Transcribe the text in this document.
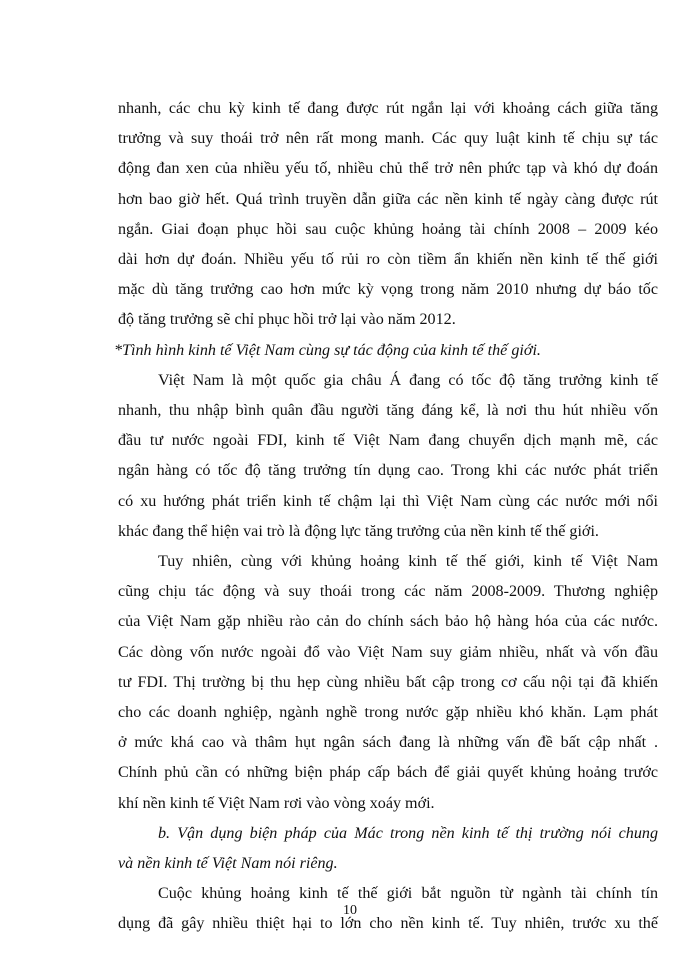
nhanh, các chu kỳ kinh tế đang được rút ngắn lại với khoảng cách giữa tăng
trưởng và suy thoái trở nên rất mong manh. Các quy luật kinh tế chịu sự tác
động đan xen của nhiều yếu tố, nhiều chủ thể trở nên phức tạp và khó dự đoán
hơn bao giờ hết. Quá trình truyền dẫn giữa các nền kinh tế ngày càng được rút
ngắn. Giai đoạn phục hồi sau cuộc khủng hoảng tài chính 2008 – 2009 kéo
dài hơn dự đoán. Nhiều yếu tố rủi ro còn tiềm ẩn khiến nền kinh tế thế giới
mặc dù tăng trưởng cao hơn mức kỳ vọng trong năm 2010 nhưng dự báo tốc
độ tăng trưởng sẽ chỉ phục hồi trở lại vào năm 2012.
*Tình hình kinh tế Việt Nam cùng sự tác động của kinh tế thế giới.
Việt Nam là một quốc gia châu Á đang có tốc độ tăng trưởng kinh tế
nhanh, thu nhập bình quân đầu người tăng đáng kể, là nơi thu hút nhiều vốn
đầu tư nước ngoài FDI, kinh tế Việt Nam đang chuyển dịch mạnh mẽ, các
ngân hàng có tốc độ tăng trưởng tín dụng cao. Trong khi các nước phát triển
có xu hướng phát triển kinh tế chậm lại thì Việt Nam cùng các nước mới nổi
khác đang thể hiện vai trò là động lực tăng trưởng của nền kinh tế thế giới.
Tuy nhiên, cùng với khủng hoảng kinh tế thế giới, kinh tế Việt Nam
cũng chịu tác động và suy thoái trong các năm 2008-2009. Thương nghiệp
của Việt Nam gặp nhiều rào cản do chính sách bảo hộ hàng hóa của các nước.
Các dòng vốn nước ngoài đổ vào Việt Nam suy giảm nhiều, nhất và vốn đầu
tư FDI. Thị trường bị thu hẹp cùng nhiều bất cập trong cơ cấu nội tại đã khiến
cho các doanh nghiệp, ngành nghề trong nước gặp nhiều khó khăn. Lạm phát
ở mức khá cao và thâm hụt ngân sách đang là những vấn đề bất cập nhất .
Chính phủ cần có những biện pháp cấp bách để giải quyết khủng hoảng trước
khí nền kinh tế Việt Nam rơi vào vòng xoáy mới.
b. Vận dụng biện pháp của Mác trong nền kinh tế thị trường nói chung
và nền kinh tế Việt Nam nói riêng.
Cuộc khủng hoảng kinh tế thế giới bắt nguồn từ ngành tài chính tín
dụng đã gây nhiều thiệt hại to lớn cho nền kinh tế. Tuy nhiên, trước xu thế
10
